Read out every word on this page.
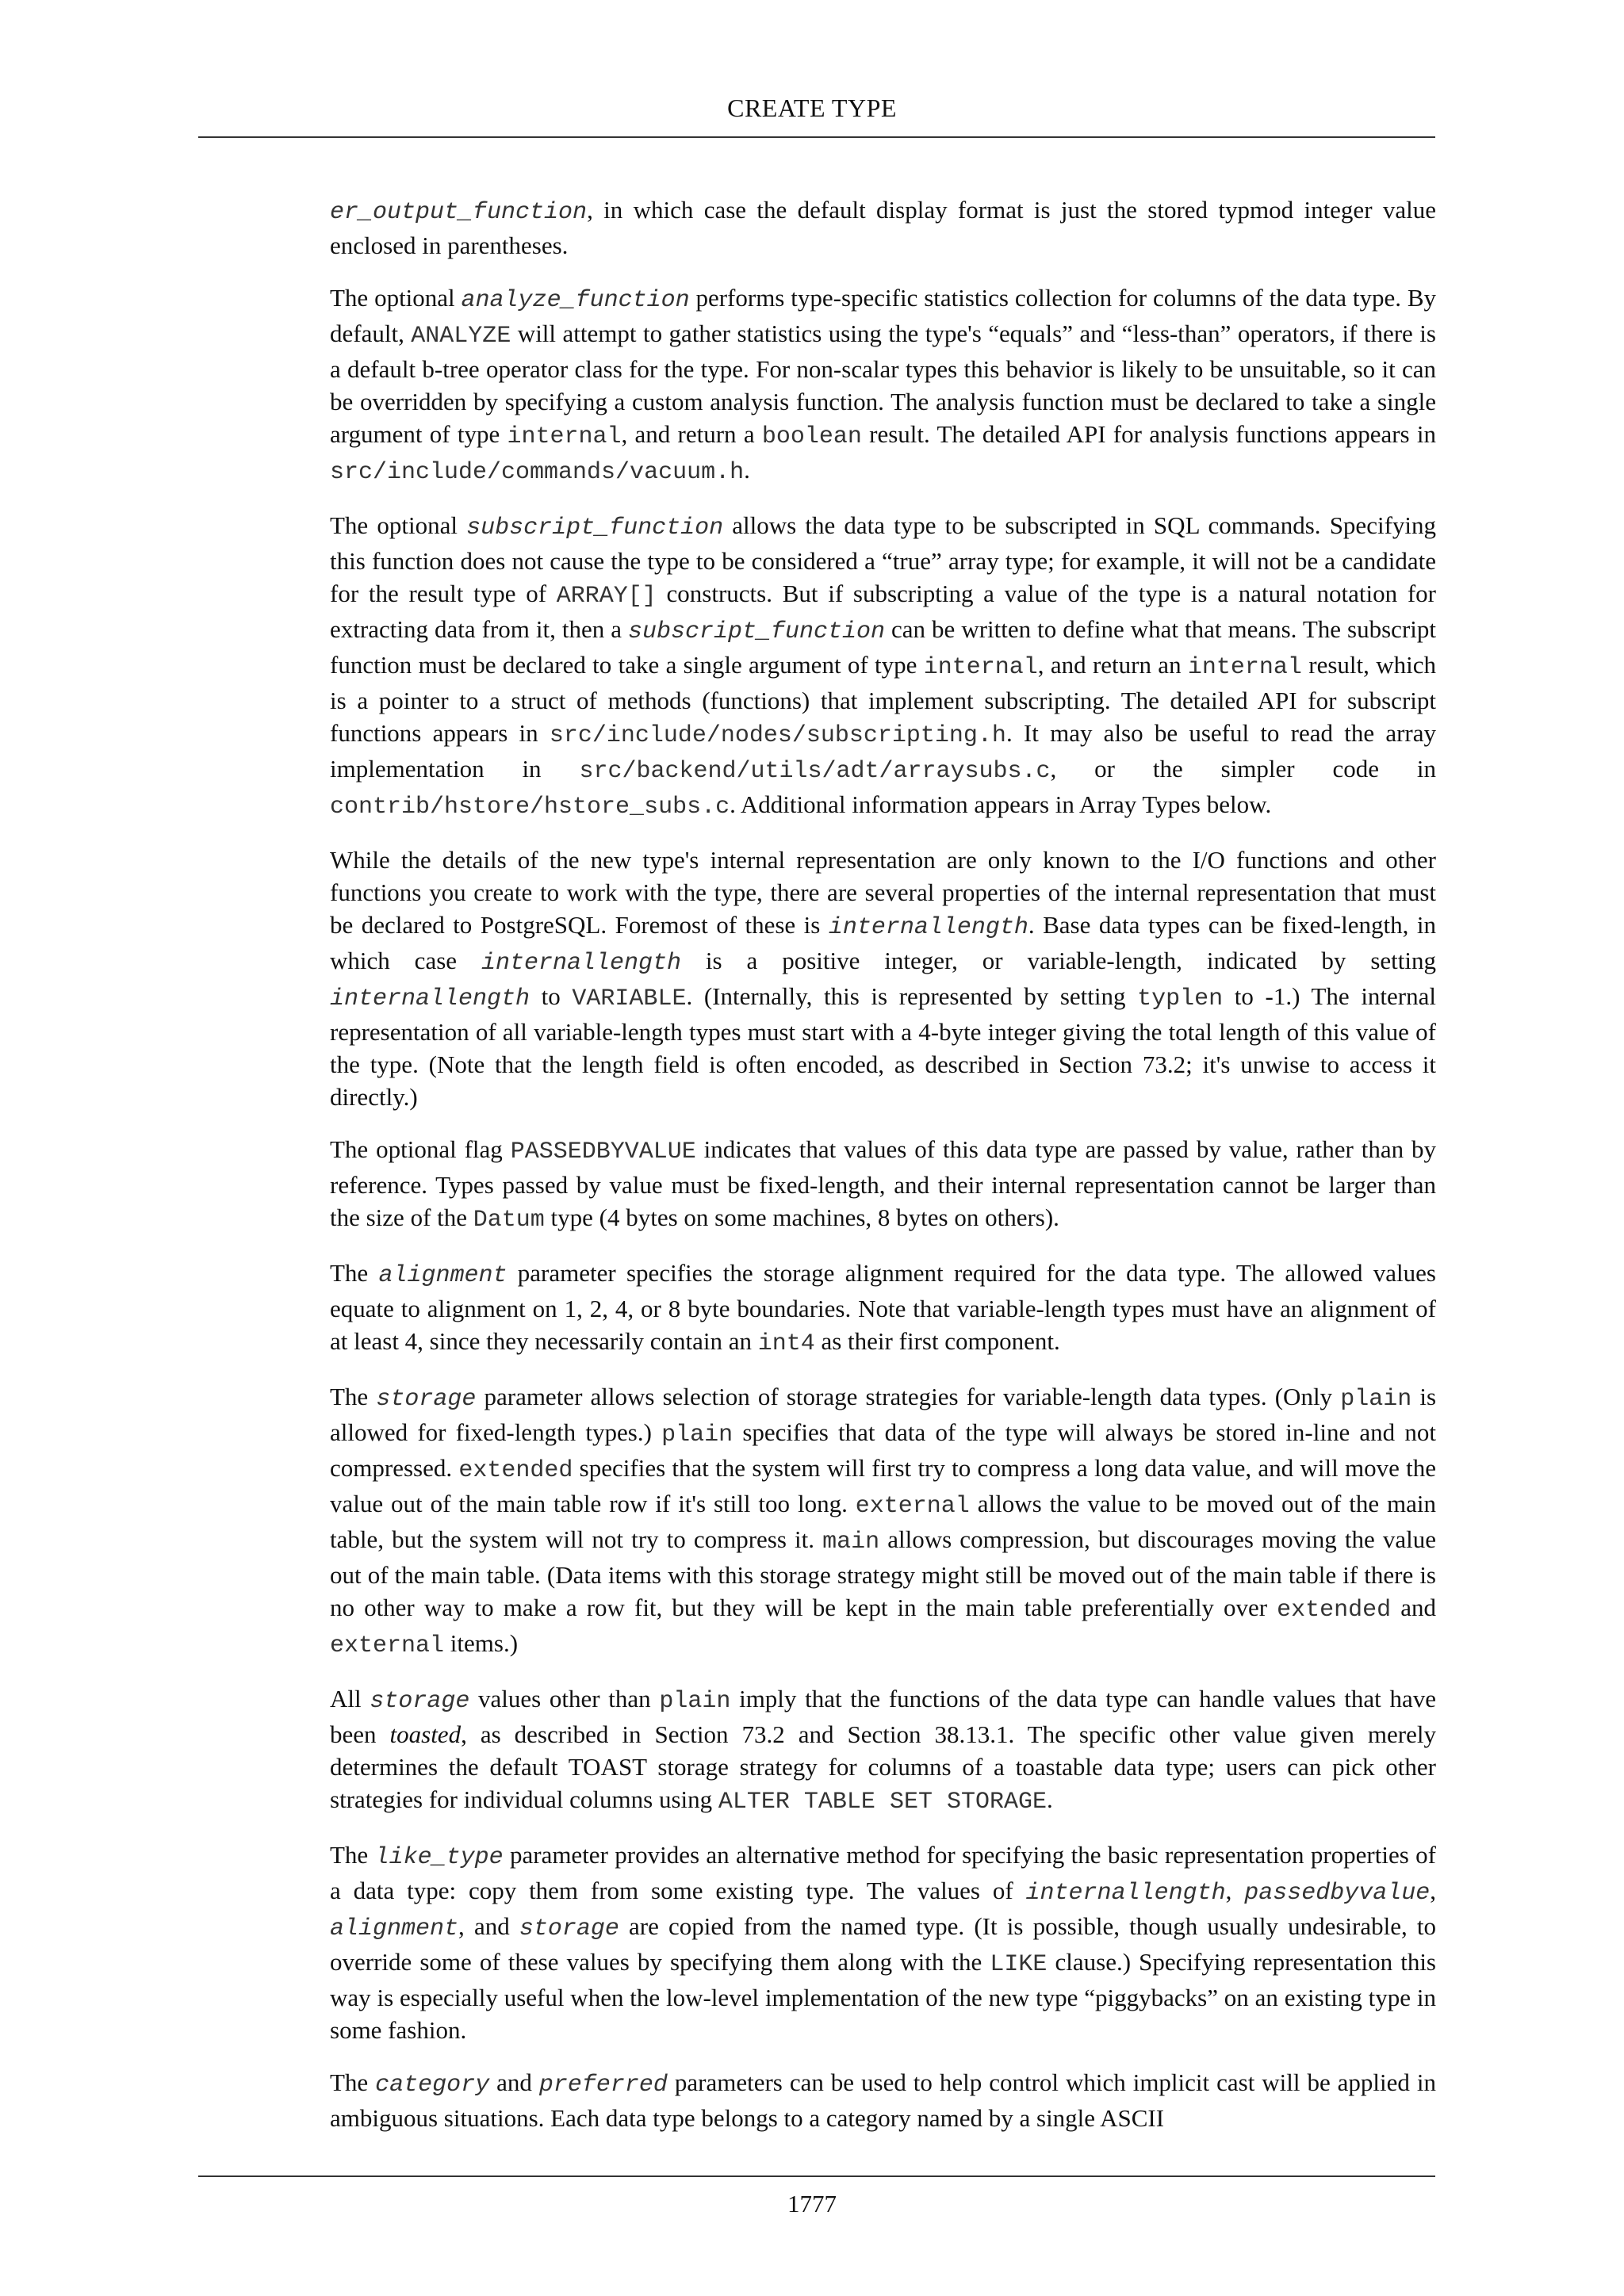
CREATE TYPE

er_output_function, in which case the default display format is just the stored typmod integer value enclosed in parentheses.

The optional analyze_function performs type-specific statistics collection for columns of the data type. By default, ANALYZE will attempt to gather statistics using the type's “equals” and “less-than” operators, if there is a default b-tree operator class for the type. For non-scalar types this behavior is likely to be unsuitable, so it can be overridden by specifying a custom analysis function. The analysis function must be declared to take a single argument of type internal, and return a boolean result. The detailed API for analysis functions appears in src/include/commands/vacuum.h.

The optional subscript_function allows the data type to be subscripted in SQL commands. Specifying this function does not cause the type to be considered a “true” array type; for example, it will not be a candidate for the result type of ARRAY[] constructs. But if subscripting a value of the type is a natural notation for extracting data from it, then a subscript_function can be written to define what that means. The subscript function must be declared to take a single argument of type internal, and return an internal result, which is a pointer to a struct of methods (functions) that implement subscripting. The detailed API for subscript functions appears in src/include/nodes/subscripting.h. It may also be useful to read the array implementation in src/backend/utils/adt/arraysubs.c, or the simpler code in contrib/hstore/hstore_subs.c. Additional information appears in Array Types below.

While the details of the new type's internal representation are only known to the I/O functions and other functions you create to work with the type, there are several properties of the internal representation that must be declared to PostgreSQL. Foremost of these is internallength. Base data types can be fixed-length, in which case internallength is a positive integer, or variable-length, indicated by setting internallength to VARIABLE. (Internally, this is represented by setting typlen to -1.) The internal representation of all variable-length types must start with a 4-byte integer giving the total length of this value of the type. (Note that the length field is often encoded, as described in Section 73.2; it's unwise to access it directly.)

The optional flag PASSEDBYVALUE indicates that values of this data type are passed by value, rather than by reference. Types passed by value must be fixed-length, and their internal representation cannot be larger than the size of the Datum type (4 bytes on some machines, 8 bytes on others).

The alignment parameter specifies the storage alignment required for the data type. The allowed values equate to alignment on 1, 2, 4, or 8 byte boundaries. Note that variable-length types must have an alignment of at least 4, since they necessarily contain an int4 as their first component.

The storage parameter allows selection of storage strategies for variable-length data types. (Only plain is allowed for fixed-length types.) plain specifies that data of the type will always be stored in-line and not compressed. extended specifies that the system will first try to compress a long data value, and will move the value out of the main table row if it's still too long. external allows the value to be moved out of the main table, but the system will not try to compress it. main allows compression, but discourages moving the value out of the main table. (Data items with this storage strategy might still be moved out of the main table if there is no other way to make a row fit, but they will be kept in the main table preferentially over extended and external items.)

All storage values other than plain imply that the functions of the data type can handle values that have been toasted, as described in Section 73.2 and Section 38.13.1. The specific other value given merely determines the default TOAST storage strategy for columns of a toastable data type; users can pick other strategies for individual columns using ALTER TABLE SET STORAGE.

The like_type parameter provides an alternative method for specifying the basic representation properties of a data type: copy them from some existing type. The values of internallength, passedbyvalue, alignment, and storage are copied from the named type. (It is possible, though usually undesirable, to override some of these values by specifying them along with the LIKE clause.) Specifying representation this way is especially useful when the low-level implementation of the new type “piggybacks” on an existing type in some fashion.

The category and preferred parameters can be used to help control which implicit cast will be applied in ambiguous situations. Each data type belongs to a category named by a single ASCII

1777
